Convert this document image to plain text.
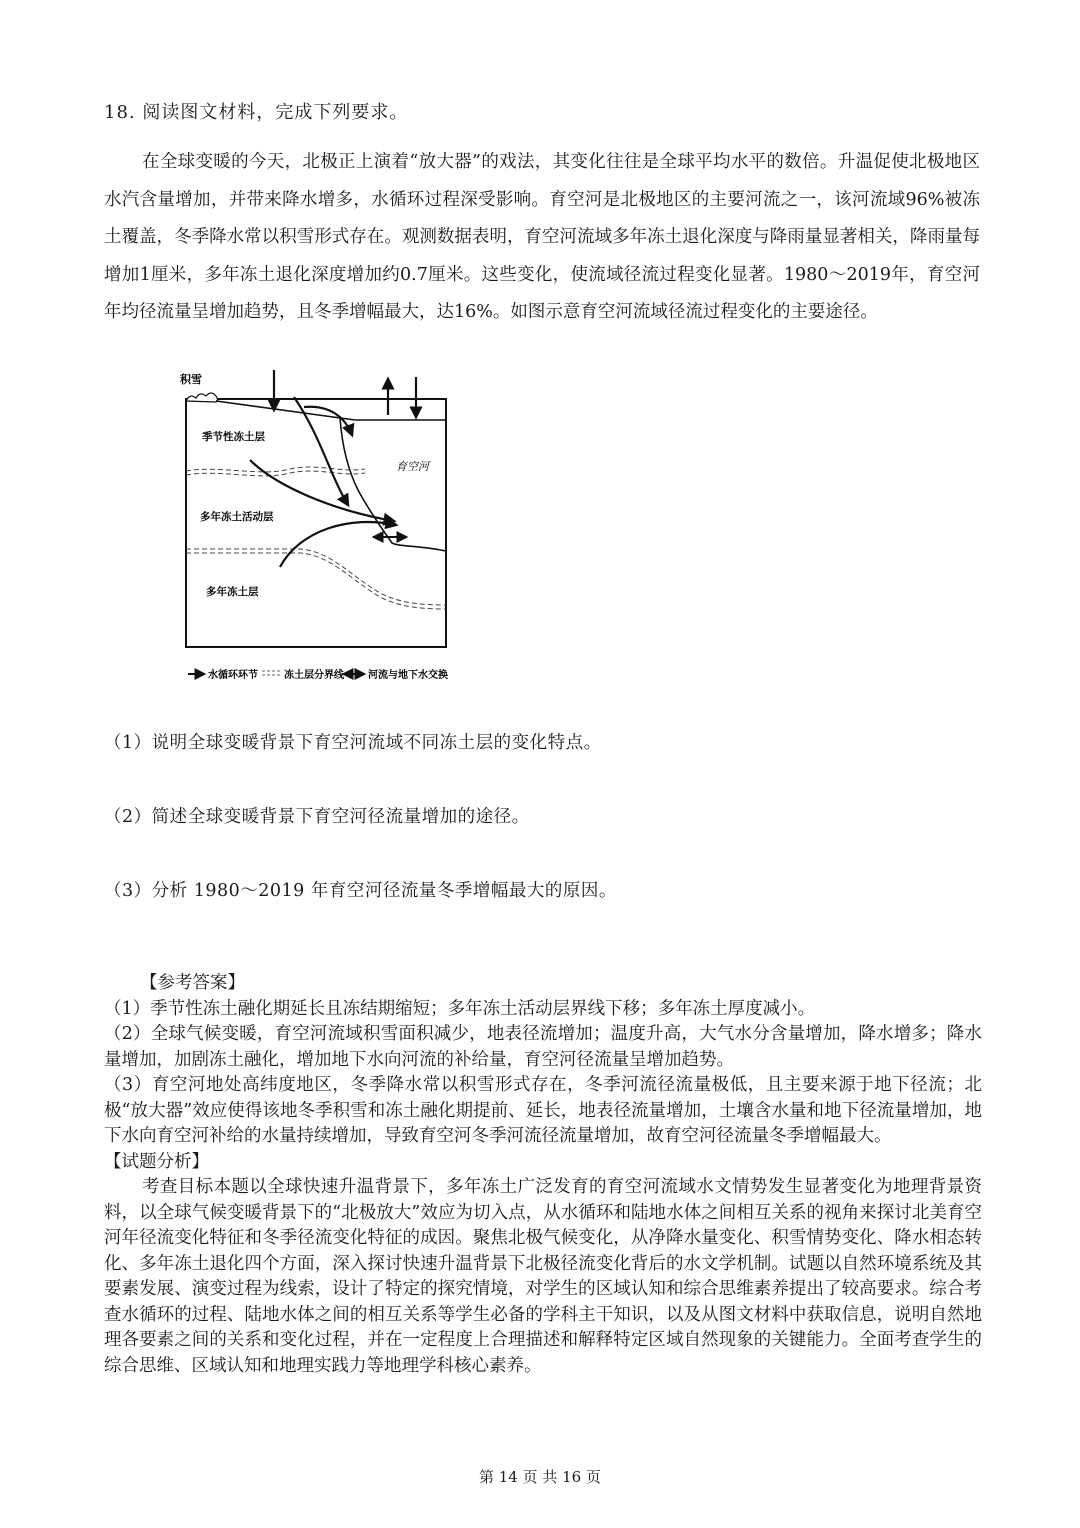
18. 阅读图文材料，完成下列要求。

在全球变暖的今天，北极正上演着“放大器”的戏法，其变化往往是全球平均水平的数倍。升温促使北极地区水汽含量增加，并带来降水增多，水循环过程深受影响。育空河是北极地区的主要河流之一，该河流域96%被冻土覆盖，冬季降水常以积雪形式存在。观测数据表明，育空河流域多年冻土退化深度与降雨量显著相关，降雨量每增加1厘米，多年冻土退化深度增加约0.7厘米。这些变化，使流域径流过程变化显著。1980～2019年，育空河年均径流量呈增加趋势，且冬季增幅最大，达16%。如图示意育空河流域径流过程变化的主要途径。

积雪
季节性冻土层
多年冻土活动层
多年冻土层
育空河
水循环环节	冻土层分界线 河流与地下水交换
（1）说明全球变暖背景下育空河流域不同冻土层的变化特点。
（2）简述全球变暖背景下育空河径流量增加的途径。
（3）分析 1980～2019 年育空河径流量冬季增幅最大的原因。
【参考答案】
（1）季节性冻土融化期延长且冻结期缩短；多年冻土活动层界线下移；多年冻土厚度减小。
（2）全球气候变暖，育空河流域积雪面积减少，地表径流增加；温度升高，大气水分含量增加，降水增多；降水量增加，加剧冻土融化，增加地下水向河流的补给量，育空河径流量呈增加趋势。
（3）育空河地处高纬度地区，冬季降水常以积雪形式存在，冬季河流径流量极低，且主要来源于地下径流；北极“放大器”效应使得该地冬季积雪和冻土融化期提前、延长，地表径流量增加，土壤含水量和地下径流量增加，地下水向育空河补给的水量持续增加，导致育空河冬季河流径流量增加，故育空河径流量冬季增幅最大。
【试题分析】
考查目标本题以全球快速升温背景下，多年冻土广泛发育的育空河流域水文情势发生显著变化为地理背景资料，以全球气候变暖背景下的“北极放大”效应为切入点，从水循环和陆地水体之间相互关系的视角来探讨北美育空河年径流变化特征和冬季径流变化特征的成因。聚焦北极气候变化，从净降水量变化、积雪情势变化、降水相态转化、多年冻土退化四个方面，深入探讨快速升温背景下北极径流变化背后的水文学机制。试题以自然环境系统及其要素发展、演变过程为线索，设计了特定的探究情境，对学生的区域认知和综合思维素养提出了较高要求。综合考查水循环的过程、陆地水体之间的相互关系等学生必备的学科主干知识，以及从图文材料中获取信息，说明自然地理各要素之间的关系和变化过程，并在一定程度上合理描述和解释特定区域自然现象的关键能力。全面考查学生的综合思维、区域认知和地理实践力等地理学科核心素养。
第 14 页 共 16 页
